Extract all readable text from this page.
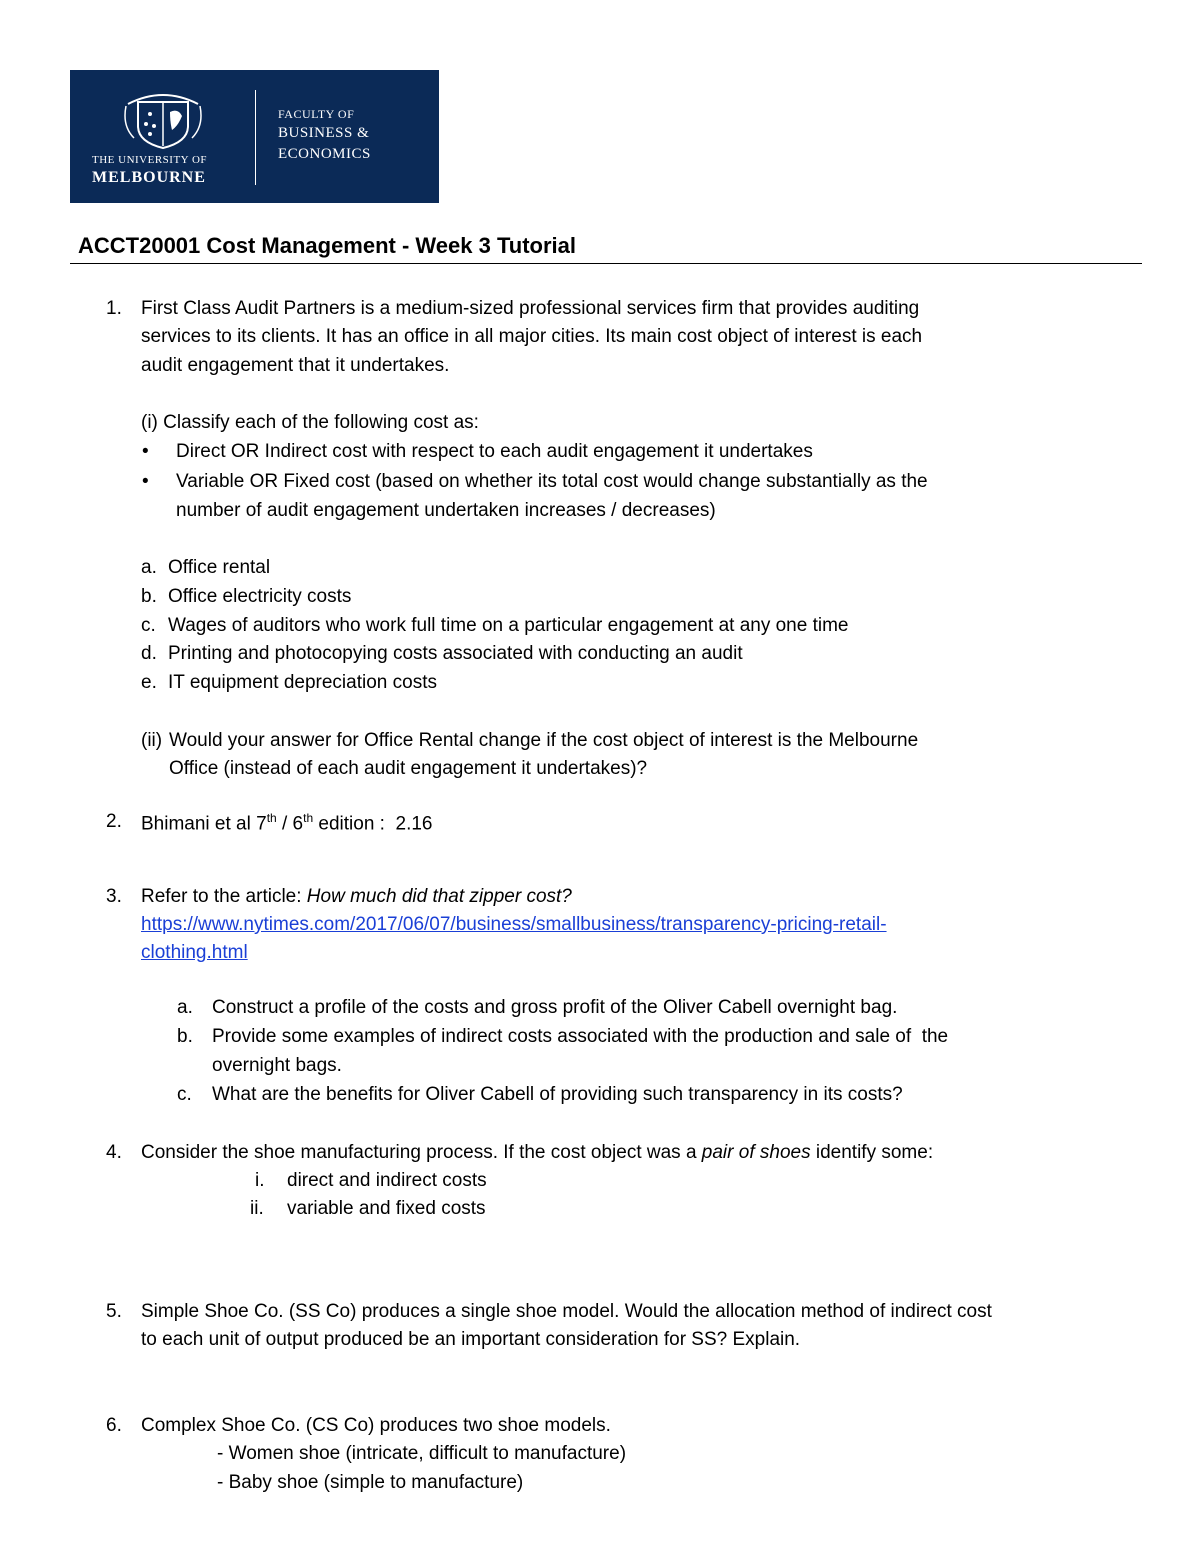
THE UNIVERSITY OF
MELBOURNE
FACULTY OF
BUSINESS &
ECONOMICS
ACCT20001 Cost Management - Week 3 Tutorial
1. First Class Audit Partners is a medium-sized professional services firm that provides auditing
services to its clients. It has an office in all major cities. Its main cost object of interest is each
audit engagement that it undertakes.
(i) Classify each of the following cost as:
• Direct OR Indirect cost with respect to each audit engagement it undertakes
• Variable OR Fixed cost (based on whether its total cost would change substantially as the
number of audit engagement undertaken increases / decreases)
a. Office rental
b. Office electricity costs
c. Wages of auditors who work full time on a particular engagement at any one time
d. Printing and photocopying costs associated with conducting an audit
e. IT equipment depreciation costs
(ii) Would your answer for Office Rental change if the cost object of interest is the Melbourne
Office (instead of each audit engagement it undertakes)?
2. Bhimani et al 7th / 6th edition :  2.16
3. Refer to the article: How much did that zipper cost?
https://www.nytimes.com/2017/06/07/business/smallbusiness/transparency-pricing-retail-
clothing.html
a. Construct a profile of the costs and gross profit of the Oliver Cabell overnight bag.
b. Provide some examples of indirect costs associated with the production and sale of  the
overnight bags.
c. What are the benefits for Oliver Cabell of providing such transparency in its costs?
4. Consider the shoe manufacturing process. If the cost object was a pair of shoes identify some:
i. direct and indirect costs
ii. variable and fixed costs
5. Simple Shoe Co. (SS Co) produces a single shoe model. Would the allocation method of indirect cost
to each unit of output produced be an important consideration for SS? Explain.
6. Complex Shoe Co. (CS Co) produces two shoe models.
- Women shoe (intricate, difficult to manufacture)
- Baby shoe (simple to manufacture)
